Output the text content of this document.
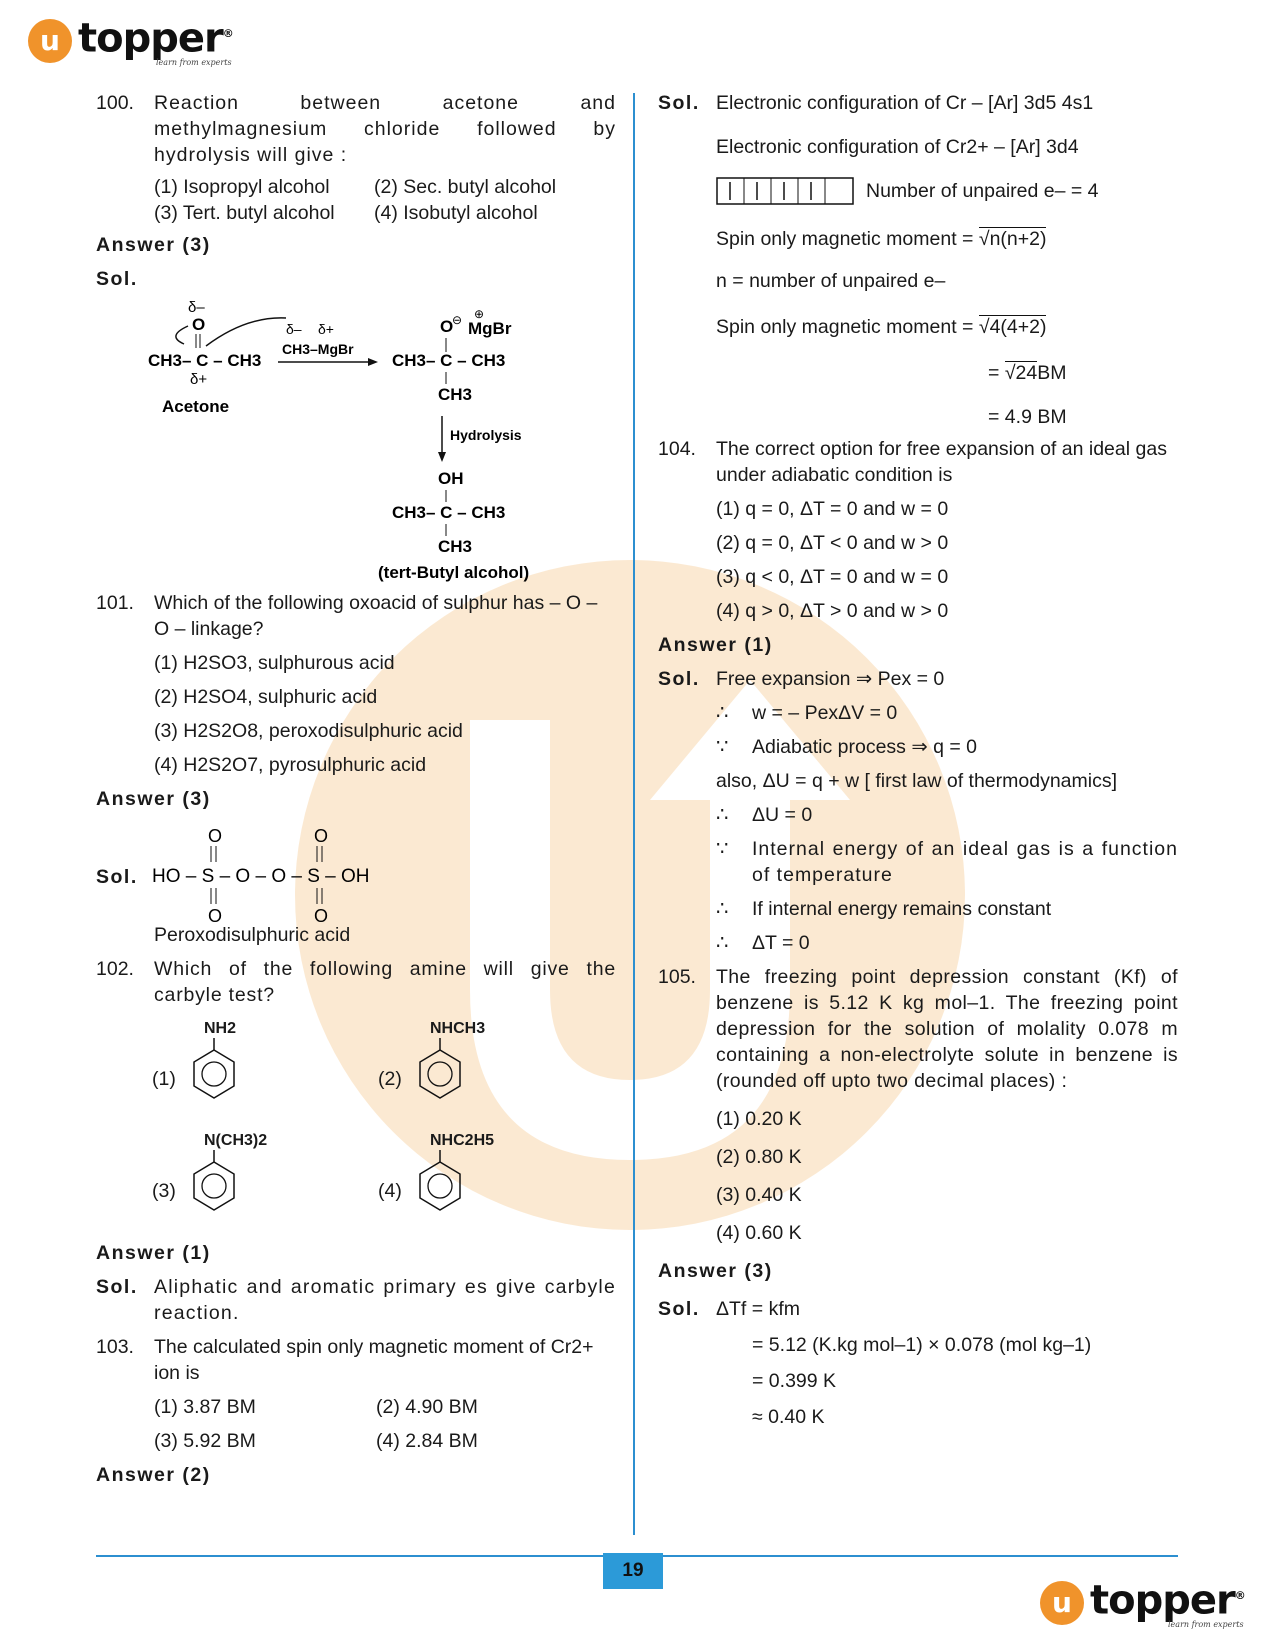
u topper®
learn from experts
100.	Reaction between acetone and methylmagnesium chloride followed by hydrolysis will give :
(1) Isopropyl alcohol	(2) Sec. butyl alcohol
(3) Tert. butyl alcohol	(4) Isobutyl alcohol
Answer (3)
Sol.
δ–
O
CH3– C – CH3
δ+
Acetone
δ– δ+
CH3–MgBr
O
⊖ ⊕
MgBr
CH3– C – CH3
CH3
Hydrolysis
OH
CH3– C – CH3
CH3
(tert-Butyl alcohol)
101.	Which of the following oxoacid of sulphur has – O – O – linkage?
(1) H2SO3, sulphurous acid
(2) H2SO4, sulphuric acid
(3) H2S2O8, peroxodisulphuric acid
(4) H2S2O7, pyrosulphuric acid
Answer (3)
Sol.
O	O
HO – S – O – O – S – OH
O	O
Peroxodisulphuric acid
102.	Which of the following amine will give the carbyle test?
(1)
NH2
(2)
NHCH3
(3)
N(CH3)2
(4)
NHC2H5
Answer (1)
Sol. Aliphatic and aromatic primary es give carbyle reaction.
103.	The calculated spin only magnetic moment of Cr2+ ion is
(1) 3.87 BM	(2) 4.90 BM
(3) 5.92 BM	(4) 2.84 BM
Answer (2)
Sol. Electronic configuration of Cr – [Ar] 3d5 4s1
Electronic configuration of Cr2+ – [Ar] 3d4
Number of unpaired e– = 4
Spin only magnetic moment = √n(n+2)
n = number of unpaired e–
Spin only magnetic moment = √4(4+2)
= √24BM
= 4.9 BM
104.	The correct option for free expansion of an ideal gas under adiabatic condition is
(1) q = 0, ΔT = 0 and w = 0
(2) q = 0, ΔT < 0 and w > 0
(3) q < 0, ΔT = 0 and w = 0
(4) q > 0, ΔT > 0 and w > 0
Answer (1)
Sol. Free expansion ⇒ Pex = 0
∴ w = – PexΔV = 0
∵ Adiabatic process ⇒ q = 0
also, ΔU = q + w [ first law of thermodynamics]
∴ ΔU = 0
∵	Internal energy of an ideal gas is a function of temperature
∴ If internal energy remains constant
∴ ΔT = 0
105.	The freezing point depression constant (Kf) of benzene is 5.12 K kg mol–1. The freezing point depression for the solution of molality 0.078 m containing a non-electrolyte solute in benzene is (rounded off upto two decimal places) :
(1) 0.20 K
(2) 0.80 K
(3) 0.40 K
(4) 0.60 K
Answer (3)
Sol. ΔTf = kfm
= 5.12 (K.kg mol–1) × 0.078 (mol kg–1)
= 0.399 K
≈ 0.40 K
19
u topper®
learn from experts
